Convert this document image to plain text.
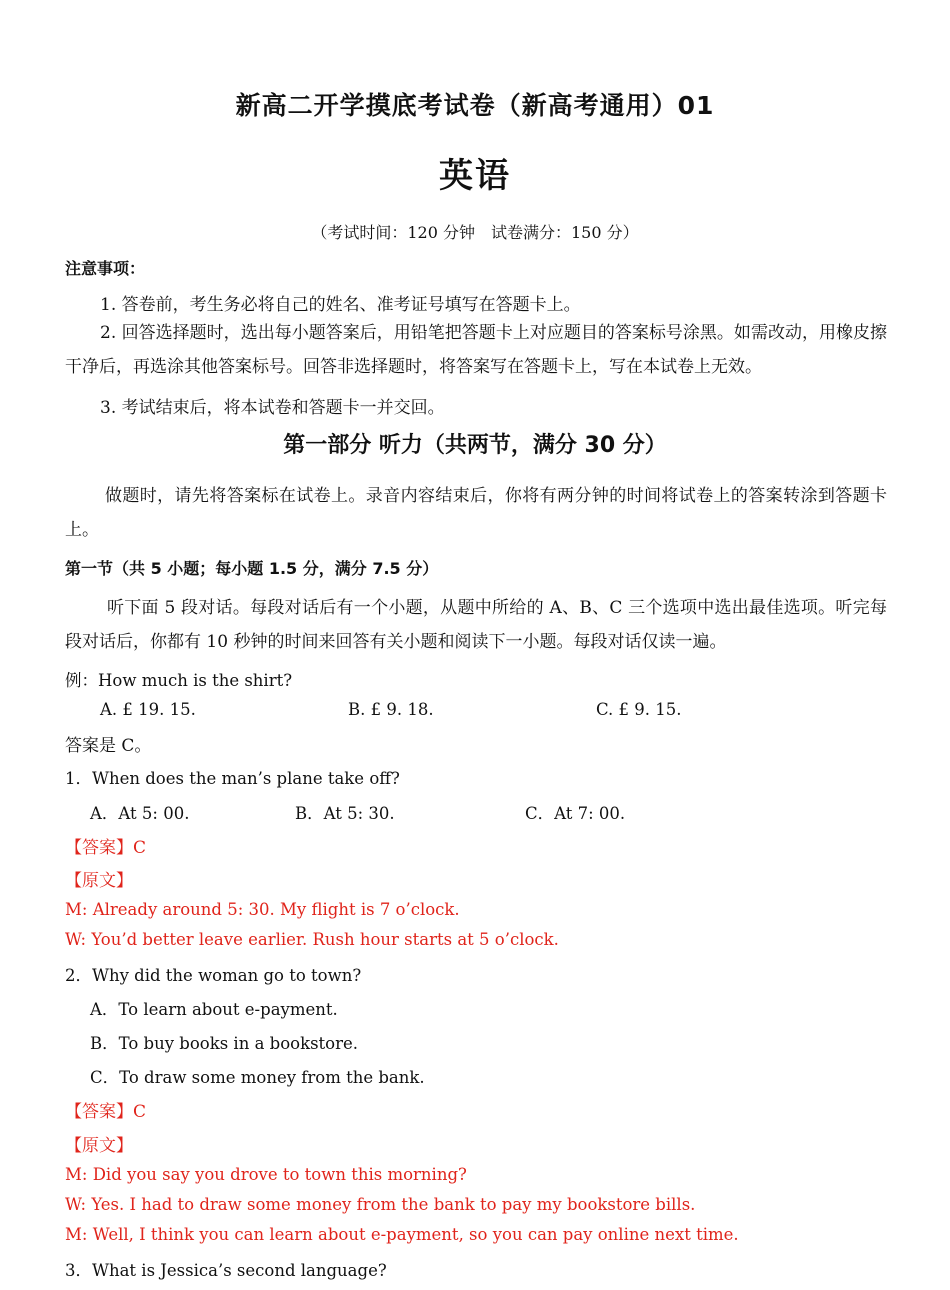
新高二开学摸底考试卷（新高考通用）01
英语
（考试时间：120 分钟　试卷满分：150 分）
注意事项：
1. 答卷前，考生务必将自己的姓名、准考证号填写在答题卡上。
2. 回答选择题时，选出每小题答案后，用铅笔把答题卡上对应题目的答案标号涂黑。如需改动，用橡皮擦干净后，再选涂其他答案标号。回答非选择题时，将答案写在答题卡上，写在本试卷上无效。
3. 考试结束后，将本试卷和答题卡一并交回。
第一部分 听力（共两节，满分 30 分）
做题时，请先将答案标在试卷上。录音内容结束后，你将有两分钟的时间将试卷上的答案转涂到答题卡上。
第一节（共 5 小题；每小题 1.5 分，满分 7.5 分）
听下面 5 段对话。每段对话后有一个小题，从题中所给的 A、B、C 三个选项中选出最佳选项。听完每段对话后，你都有 10 秒钟的时间来回答有关小题和阅读下一小题。每段对话仅读一遍。
例：How much is the shirt?
A. £ 19. 15.	B. £ 9. 18.	C. £ 9. 15.
答案是 C。
1．When does the man’s plane take off?
A．At 5: 00.	B．At 5: 30.	C．At 7: 00.
【答案】C
【原文】
M: Already around 5: 30. My flight is 7 o’clock.
W: You’d better leave earlier. Rush hour starts at 5 o’clock.
2．Why did the woman go to town?
A．To learn about e-payment.
B．To buy books in a bookstore.
C．To draw some money from the bank.
【答案】C
【原文】
M: Did you say you drove to town this morning?
W: Yes. I had to draw some money from the bank to pay my bookstore bills.
M: Well, I think you can learn about e-payment, so you can pay online next time.
3．What is Jessica’s second language?
